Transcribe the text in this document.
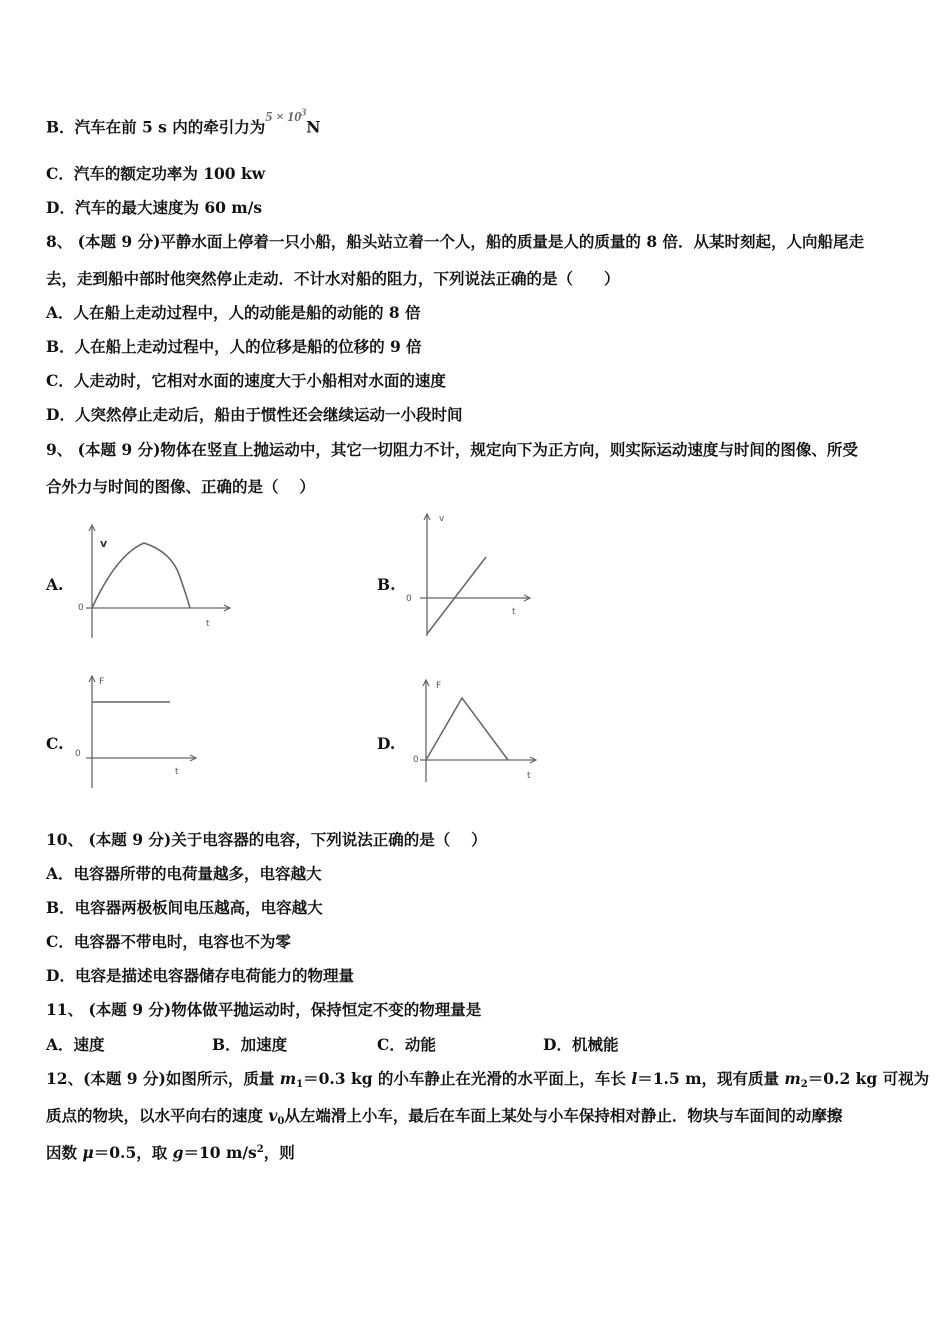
B．汽车在前 5 s 内的牵引力为$5 \times 10^3N$
C．汽车的额定功率为 100 kw
D．汽车的最大速度为 60 m/s
8、 (本题 9 分)平静水面上停着一只小船，船头站立着一个人，船的质量是人的质量的 8 倍．从某时刻起，人向船尾走
去，走到船中部时他突然停止走动．不计水对船的阻力，下列说法正确的是（　　）
A．人在船上走动过程中，人的动能是船的动能的 8 倍
B．人在船上走动过程中，人的位移是船的位移的 9 倍
C．人走动时，它相对水面的速度大于小船相对水面的速度
D．人突然停止走动后，船由于惯性还会继续运动一小段时间
9、 (本题 9 分)物体在竖直上抛运动中，其它一切阻力不计，规定向下为正方向，则实际运动速度与时间的图像、所受
合外力与时间的图像、正确的是（　 ）
A.
v
t
0
B.
v
t
0
C.
F
t
0
D.
F
t
0
10、 (本题 9 分)关于电容器的电容，下列说法正确的是（　 ）
A．电容器所带的电荷量越多，电容越大
B．电容器两极板间电压越高，电容越大
C．电容器不带电时，电容也不为零
D．电容是描述电容器储存电荷能力的物理量
11、 (本题 9 分)物体做平抛运动时，保持恒定不变的物理量是
A．速度	B．加速度	C．动能	D．机械能
12、(本题 9 分)如图所示，质量 m1＝0.3 kg 的小车静止在光滑的水平面上，车长 l＝1.5 m，现有质量 m2＝0.2 kg 可视为
质点的物块，以水平向右的速度 v0从左端滑上小车，最后在车面上某处与小车保持相对静止．物块与车面间的动摩擦
因数 μ＝0.5，取 g＝10 $m/s^2$，则
